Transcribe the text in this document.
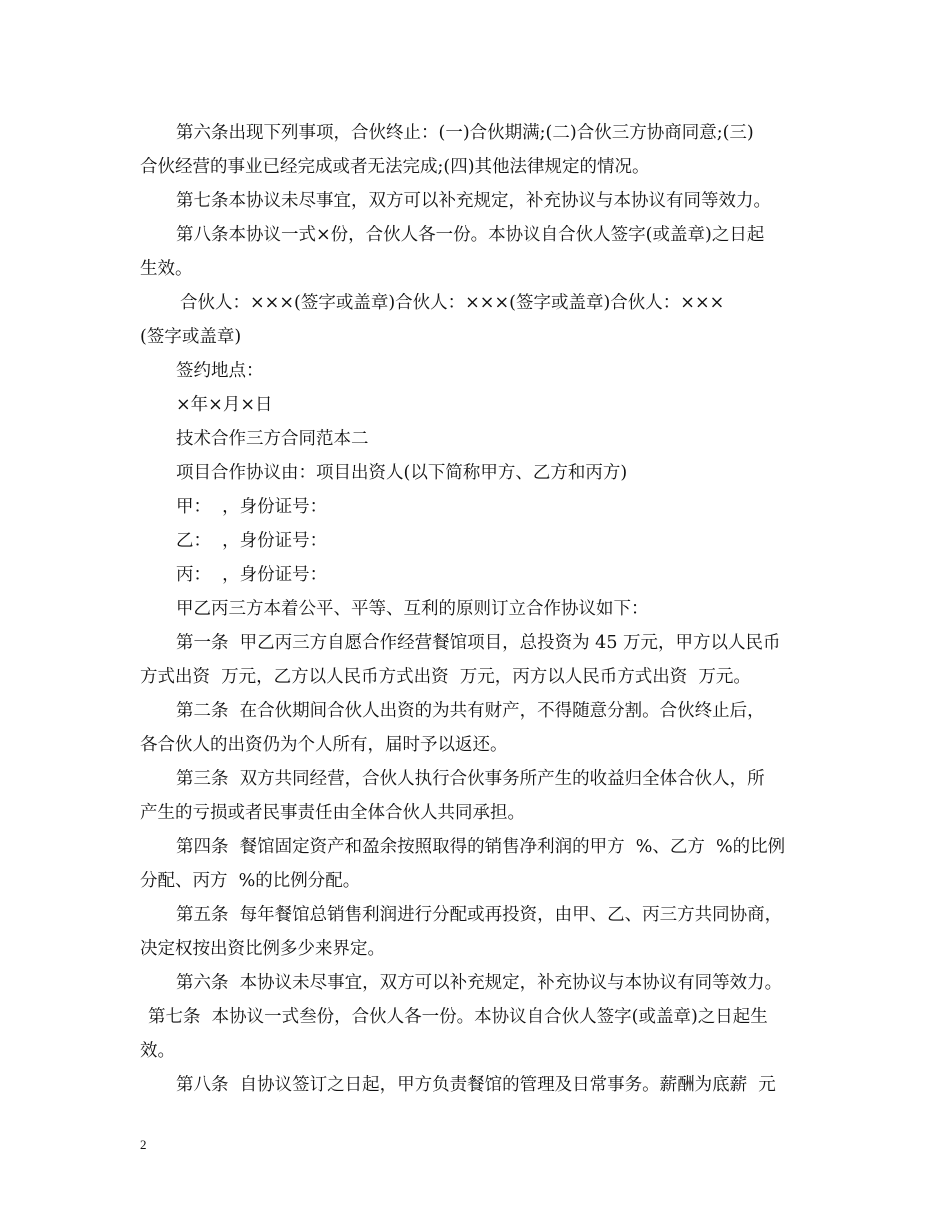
第六条出现下列事项，合伙终止：(一)合伙期满;(二)合伙三方协商同意;(三)
合伙经营的事业已经完成或者无法完成;(四)其他法律规定的情况。
第七条本协议未尽事宜，双方可以补充规定，补充协议与本协议有同等效力。
第八条本协议一式×份，合伙人各一份。本协议自合伙人签字(或盖章)之日起
生效。
合伙人：×××(签字或盖章)合伙人：×××(签字或盖章)合伙人：×××
(签字或盖章)
签约地点：
×年×月×日
技术合作三方合同范本二
项目合作协议由：项目出资人(以下简称甲方、乙方和丙方)
甲：  ，身份证号：
乙：  ，身份证号：
丙：  ，身份证号：
甲乙丙三方本着公平、平等、互利的原则订立合作协议如下：
第一条  甲乙丙三方自愿合作经营餐馆项目，总投资为 45 万元，甲方以人民币
方式出资  万元，乙方以人民币方式出资  万元，丙方以人民币方式出资  万元。
第二条  在合伙期间合伙人出资的为共有财产，不得随意分割。合伙终止后，
各合伙人的出资仍为个人所有，届时予以返还。
第三条  双方共同经营，合伙人执行合伙事务所产生的收益归全体合伙人，所
产生的亏损或者民事责任由全体合伙人共同承担。
第四条  餐馆固定资产和盈余按照取得的销售净利润的甲方  %、乙方  %的比例
分配、丙方  %的比例分配。
第五条  每年餐馆总销售利润进行分配或再投资，由甲、乙、丙三方共同协商，
决定权按出资比例多少来界定。
第六条  本协议未尽事宜，双方可以补充规定，补充协议与本协议有同等效力。
第七条  本协议一式叁份，合伙人各一份。本协议自合伙人签字(或盖章)之日起生
效。
第八条  自协议签订之日起，甲方负责餐馆的管理及日常事务。薪酬为底薪  元
2
